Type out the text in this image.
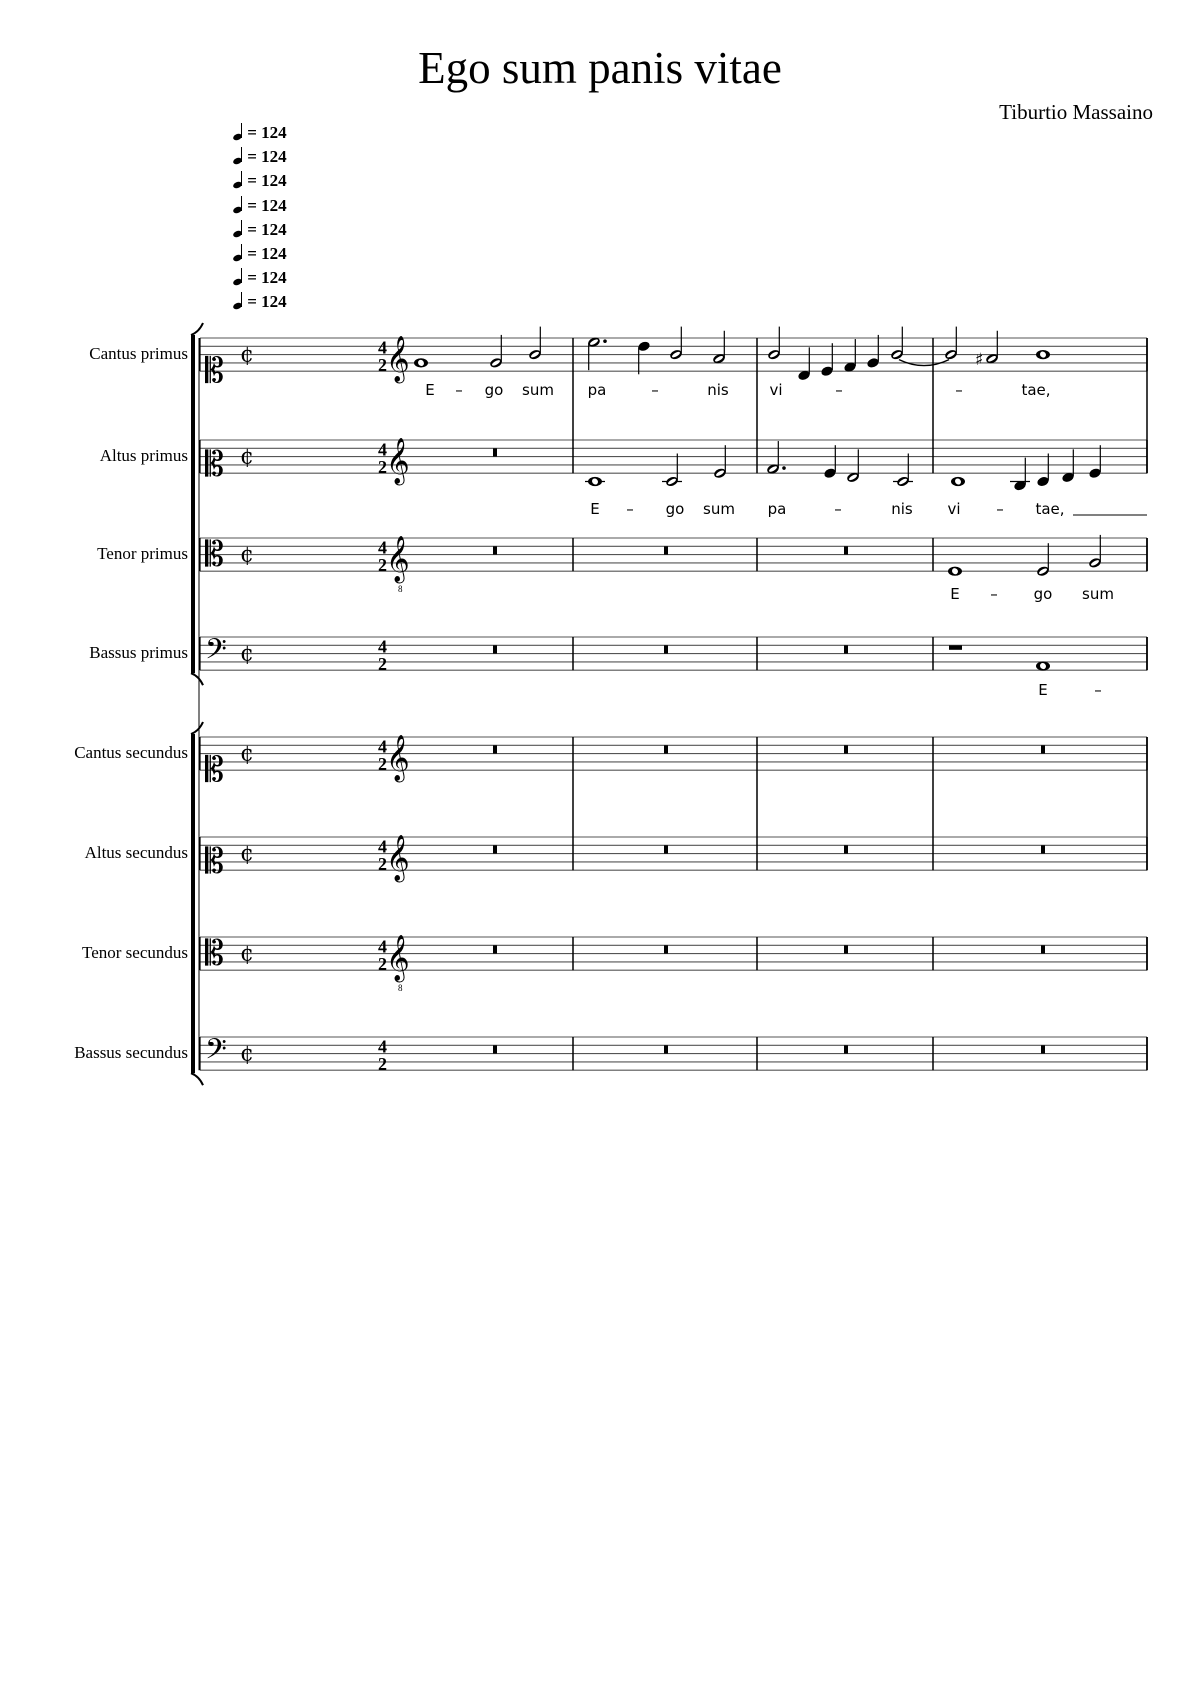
Ego sum panis vitae
Tiburtio Massaino
= 124
= 124
= 124
= 124
= 124
= 124
= 124
= 124
Cantus primus
Altus primus
Tenor primus
Bassus primus
Cantus secundus
Altus secundus
Tenor secundus
Bassus secundus
𝄡 ¢	4
2 𝄞
𝄡 ¢	4
2 𝄞
𝄡 ¢	4
2 𝄞
8
𝄢 ¢	4
2
𝄡 ¢	4
2 𝄞
𝄡 ¢	4
2 𝄞
𝄡 ¢	4
2 𝄞
8
𝄢 ¢	4
2
♯
E – go sum pa	–	nis	vi	–	–	tae,
E – go sum pa	–	nis vi – tae,
E – go sum
E	–
